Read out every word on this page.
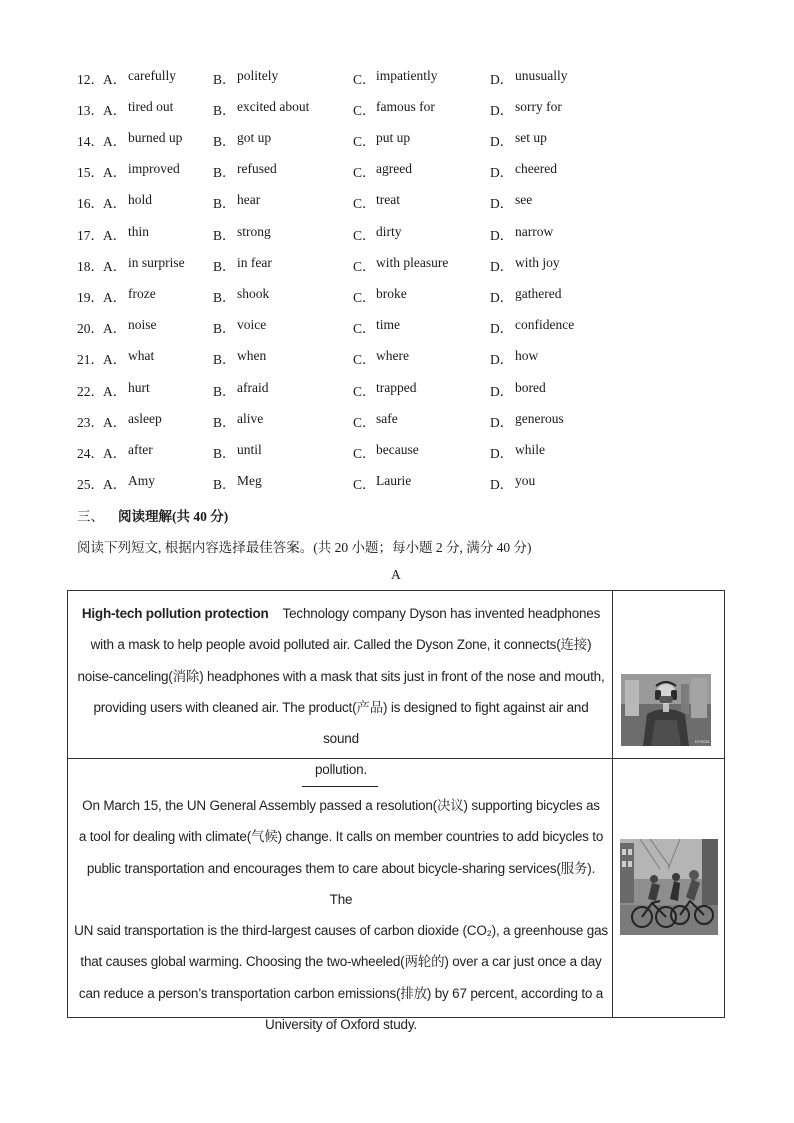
12． A． carefully	B． politely	C． impatiently	D． unusually
13． A． tired out	B． excited about	C． famous for	D． sorry for
14． A． burned up B． got up	C． put up	D． set up
15． A． improved B． refused	C． agreed	D． cheered
16． A． hold	B． hear	C． treat	D． see
17． A． thin	B． strong	C． dirty	D． narrow
18． A． in surprise B． in fear	C． with pleasure	D． with joy
19． A． froze	B． shook	C． broke	D． gathered
20． A． noise	B． voice	C． time	D． confidence
21． A． what	B． when	C． where	D． how
22． A． hurt	B． afraid	C． trapped	D． bored
23． A． asleep	B． alive	C． safe	D． generous
24． A． after	B． until	C． because	D． while
25． A． Amy	B． Meg	C． Laurie	D． you
三、 阅读理解(共 40 分)
阅读下列短文, 根据内容选择最佳答案。(共 20 小题；每小题 2 分, 满分 40 分)
A
High-tech pollution protection Technology company Dyson has invented headphones
with a mask to help people avoid polluted air. Called the Dyson Zone, it connects(连接)
noise-canceling(消除) headphones with a mask that sits just in front of the nose and mouth,
providing users with cleaned air. The product(产品) is designed to fight against air and sound
pollution.
DYSON
On March 15, the UN General Assembly passed a resolution(决议) supporting bicycles as
a tool for dealing with climate(气候) change. It calls on member countries to add bicycles to
public transportation and encourages them to care about bicycle-sharing services(服务). The
UN said transportation is the third-largest causes of carbon dioxide (CO₂), a greenhouse gas
that causes global warming. Choosing the two-wheeled(两轮的) over a car just once a day
can reduce a person’s transportation carbon emissions(排放) by 67 percent, according to a
University of Oxford study.
